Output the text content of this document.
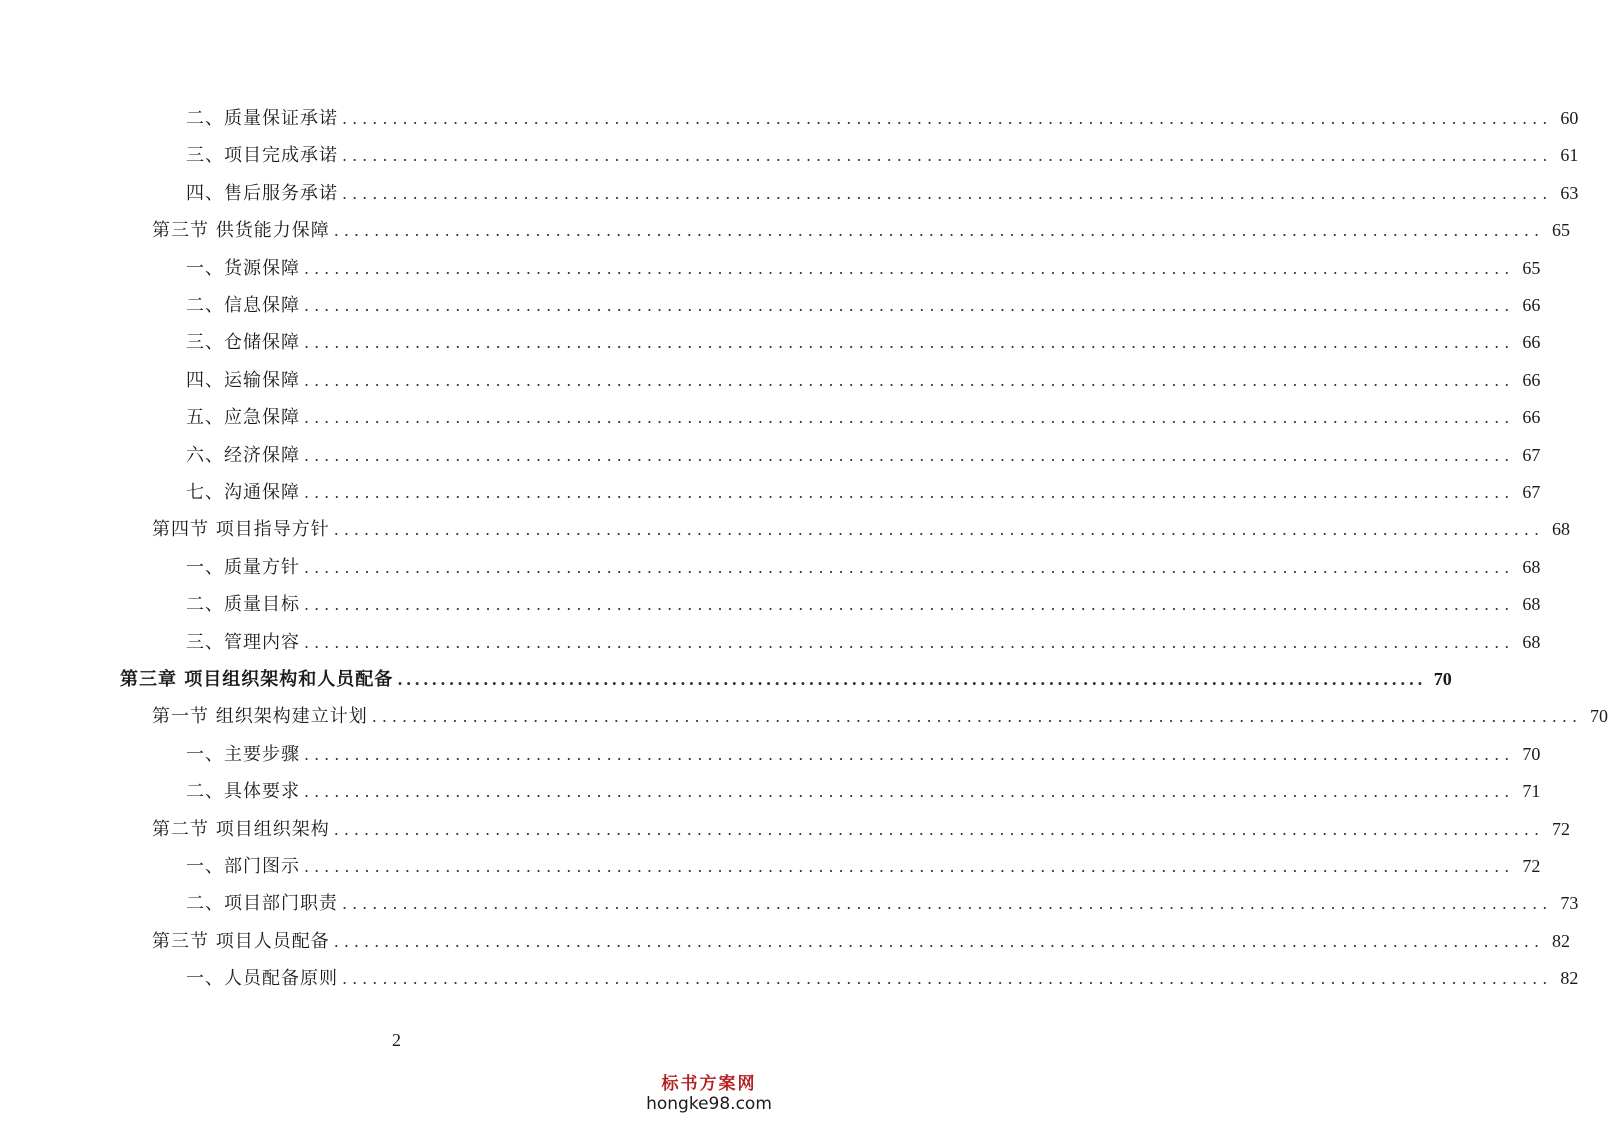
二、质量保证承诺 ........................................................................................................................ 60
三、项目完成承诺 ........................................................................................................................ 61
四、售后服务承诺 ........................................................................................................................ 63
第三节 供货能力保障 ........................................................................................................................ 65
一、货源保障 ........................................................................................................................ 65
二、信息保障 ........................................................................................................................ 66
三、仓储保障 ........................................................................................................................ 66
四、运输保障 ........................................................................................................................ 66
五、应急保障 ........................................................................................................................ 66
六、经济保障 ........................................................................................................................ 67
七、沟通保障 ........................................................................................................................ 67
第四节 项目指导方针 ........................................................................................................................ 68
一、质量方针 ........................................................................................................................ 68
二、质量目标 ........................................................................................................................ 68
三、管理内容 ........................................................................................................................ 68
第三章 项目组织架构和人员配备 ........................................................................................................................ 70
第一节 组织架构建立计划 ........................................................................................................................ 70
一、主要步骤 ........................................................................................................................ 70
二、具体要求 ........................................................................................................................ 71
第二节 项目组织架构 ........................................................................................................................ 72
一、部门图示 ........................................................................................................................ 72
二、项目部门职责 ........................................................................................................................ 73
第三节 项目人员配备 ........................................................................................................................ 82
一、人员配备原则 ........................................................................................................................ 82
2
标书方案网
hongke98.com
